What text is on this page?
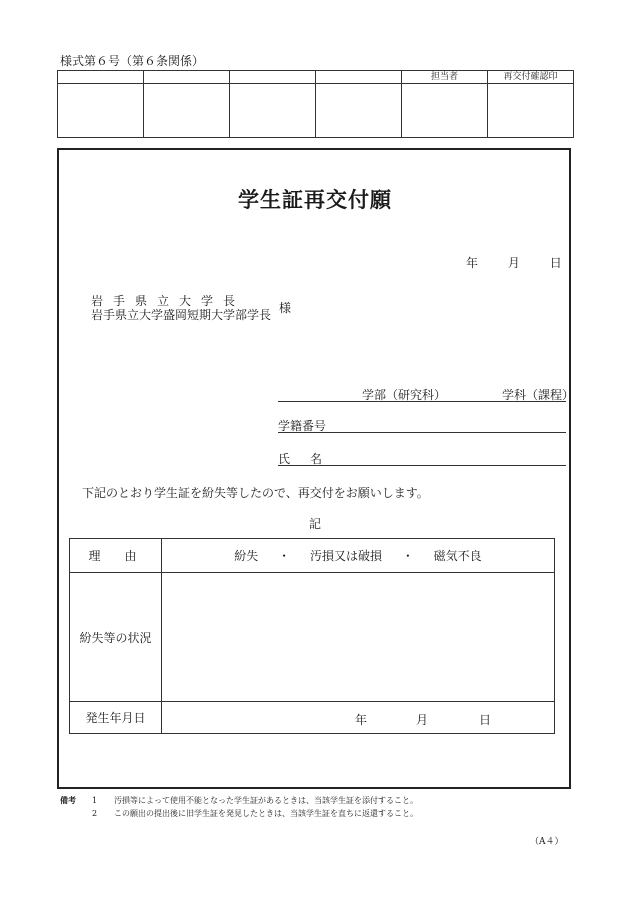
様式第６号（第６条関係）
				担当者	再交付確認印

学生証再交付願
年 月 日
岩手県立大学長
岩手県立大学盛岡短期大学部学長 様
学部（研究科）	学科（課程）
学籍番号
氏名
下記のとおり学生証を紛失等したので、再交付をお願いします。
記
理　由	紛失 ・ 汚損又は破損 ・ 磁気不良
紛失等の状況	
発生年月日	年 月 日
備考 1 汚損等によって使用不能となった学生証があるときは、当該学生証を添付すること。
2 この願出の提出後に旧学生証を発見したときは、当該学生証を直ちに返還すること。
（A４）
